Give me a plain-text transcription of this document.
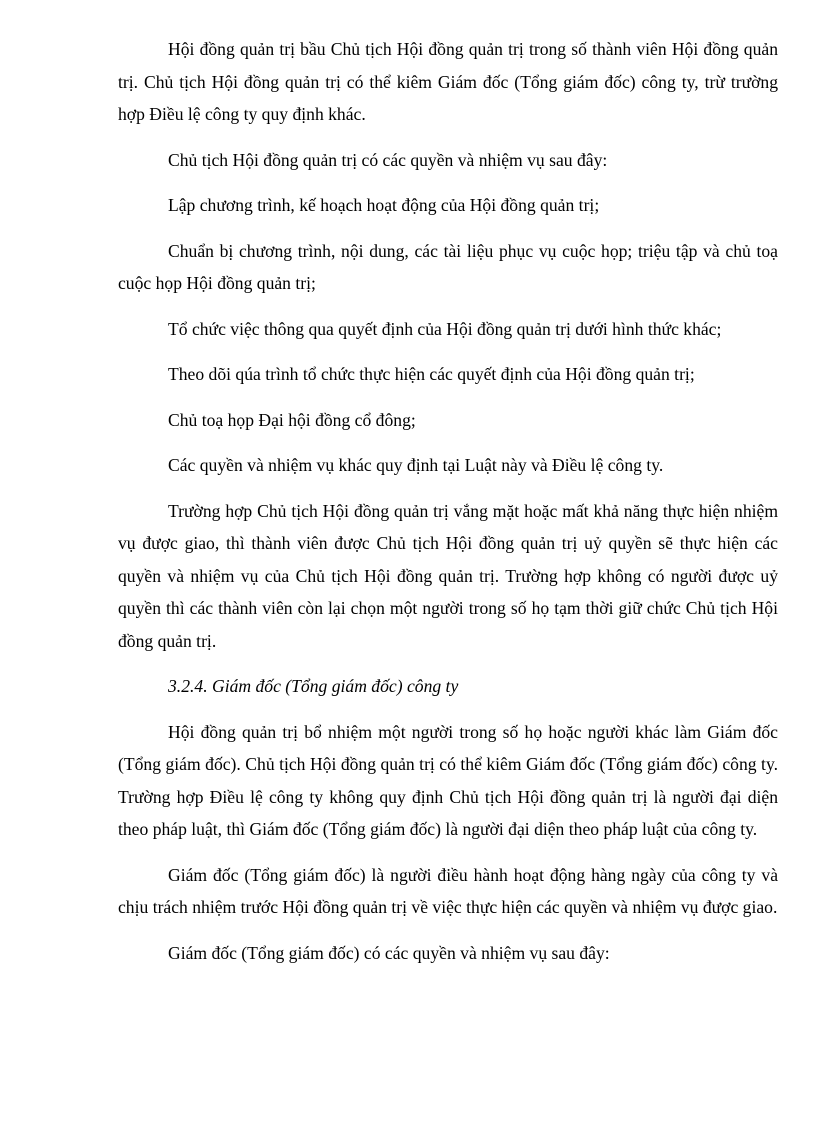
Hội đồng quản trị bầu Chủ tịch Hội đồng quản trị trong số thành viên Hội đồng quản trị. Chủ tịch Hội đồng quản trị có thể kiêm Giám đốc (Tổng giám đốc) công ty, trừ trường hợp Điều lệ công ty quy định khác.

Chủ tịch Hội đồng quản trị có các quyền và nhiệm vụ sau đây:

Lập chương trình, kế hoạch hoạt động của Hội đồng quản trị;

Chuẩn bị chương trình, nội dung, các tài liệu phục vụ cuộc họp; triệu tập và chủ toạ cuộc họp Hội đồng quản trị;

Tổ chức việc thông qua quyết định của Hội đồng quản trị dưới hình thức khác;

Theo dõi qúa trình tổ chức thực hiện các quyết định của Hội đồng quản trị;

Chủ toạ họp Đại hội đồng cổ đông;

Các quyền và nhiệm vụ khác quy định tại Luật này và Điều lệ công ty.

Trường hợp Chủ tịch Hội đồng quản trị vắng mặt hoặc mất khả năng thực hiện nhiệm vụ được giao, thì thành viên được Chủ tịch Hội đồng quản trị uỷ quyền sẽ thực hiện các quyền và nhiệm vụ của Chủ tịch Hội đồng quản trị. Trường hợp không có người được uỷ quyền thì các thành viên còn lại chọn một người trong số họ tạm thời giữ chức Chủ tịch Hội đồng quản trị.

3.2.4. Giám đốc (Tổng giám đốc) công ty

Hội đồng quản trị bổ nhiệm một người trong số họ hoặc người khác làm Giám đốc (Tổng giám đốc). Chủ tịch Hội đồng quản trị có thể kiêm Giám đốc (Tổng giám đốc) công ty. Trường hợp Điều lệ công ty không quy định Chủ tịch Hội đồng quản trị là người đại diện theo pháp luật, thì Giám đốc (Tổng giám đốc) là người đại diện theo pháp luật của công ty.

Giám đốc (Tổng giám đốc) là người điều hành hoạt động hàng ngày của công ty và chịu trách nhiệm trước Hội đồng quản trị về việc thực hiện các quyền và nhiệm vụ được giao.

Giám đốc (Tổng giám đốc) có các quyền và nhiệm vụ sau đây:
